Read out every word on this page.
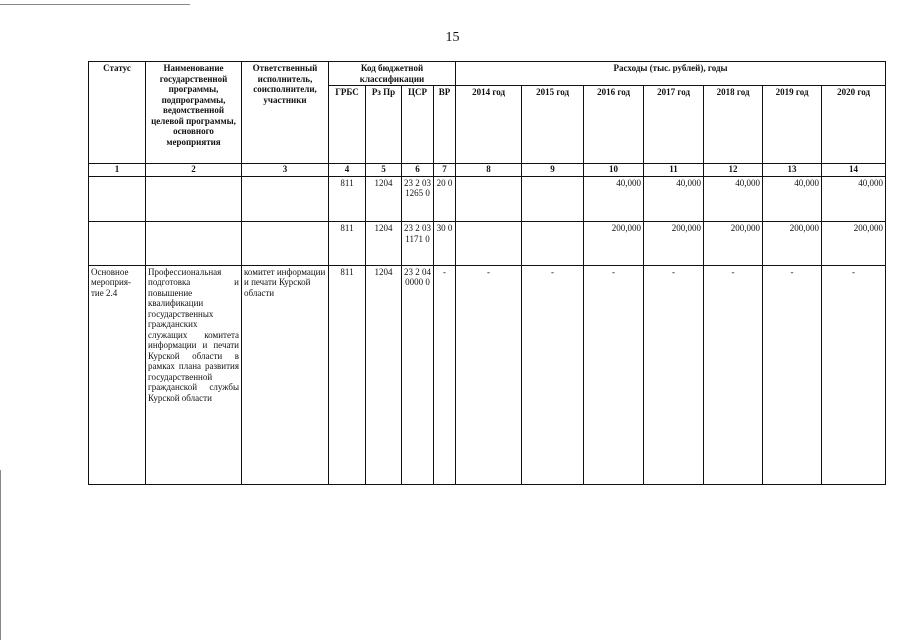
15
Статус	Наименование государственной программы, подпрограммы, ведомственной целевой программы, основного мероприятия	Ответственный исполнитель, соисполнители, участники	Код бюджетной классификации				Расходы (тыс. рублей), годы						
			ГРБС	Рз Пр	ЦСР	ВР	2014 год	2015 год	2016 год	2017 год	2018 год	2019 год	2020 год
1	2	3	4	5	6	7	8	9	10	11	12	13	14
			811	1204	23 2 03 1265 0	20 0			40,000	40,000	40,000	40,000	40,000
			811	1204	23 2 03 1171 0	30 0			200,000	200,000	200,000	200,000	200,000
Основное мероприя-тие 2.4	Профессиональная подготовка и повышение квалификации государственных гражданских служащих комитета информации и печати Курской области в рамках плана развития государственной гражданской службы Курской области	комитет информации и печати Курской области	811	1204	23 2 04 0000 0	-	-	-	-	-	-	-	-
